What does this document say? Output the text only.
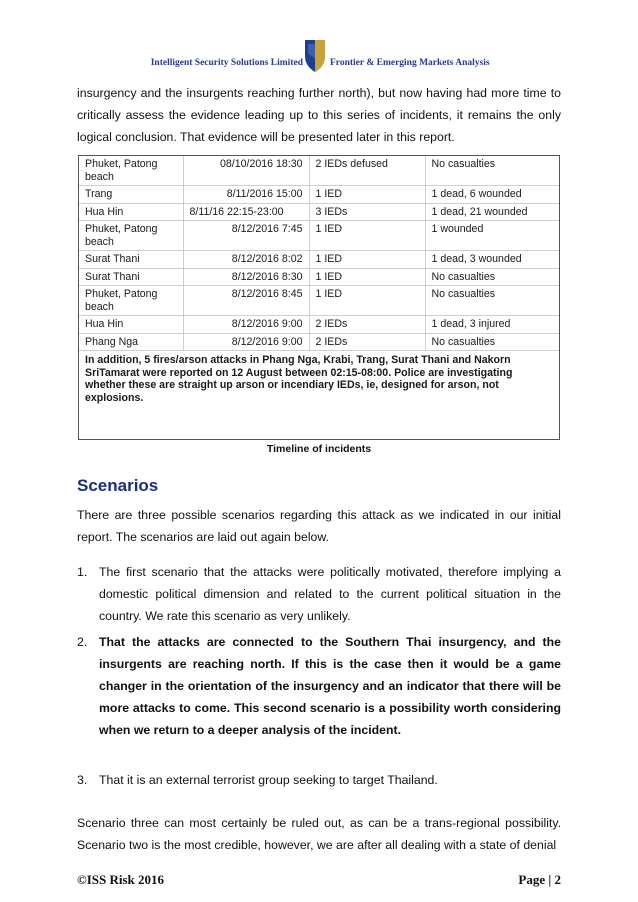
Intelligent Security Solutions Limited	Frontier & Emerging Markets Analysis
insurgency and the insurgents reaching further north), but now having had more time to critically assess the evidence leading up to this series of incidents, it remains the only logical conclusion. That evidence will be presented later in this report.
Phuket, Patong beach	08/10/2016 18:30	2 IEDs defused	No casualties
Trang	8/11/2016 15:00	1 IED	1 dead, 6 wounded
Hua Hin	8/11/16 22:15-23:00	3 IEDs	1 dead, 21 wounded
Phuket, Patong beach	8/12/2016 7:45	1 IED	1 wounded
Surat Thani	8/12/2016 8:02	1 IED	1 dead, 3 wounded
Surat Thani	8/12/2016 8:30	1 IED	No casualties
Phuket, Patong beach	8/12/2016 8:45	1 IED	No casualties
Hua Hin	8/12/2016 9:00	2 IEDs	1 dead, 3 injured
Phang Nga	8/12/2016 9:00	2 IEDs	No casualties
In addition, 5 fires/arson attacks in Phang Nga, Krabi, Trang, Surat Thani and Nakorn SriTamarat were reported on 12 August between 02:15-08:00. Police are investigating whether these are straight up arson or incendiary IEDs, ie, designed for arson, not explosions.
Timeline of incidents
Scenarios
There are three possible scenarios regarding this attack as we indicated in our initial report. The scenarios are laid out again below.
1. The first scenario that the attacks were politically motivated, therefore implying a domestic political dimension and related to the current political situation in the country. We rate this scenario as very unlikely.
2. That the attacks are connected to the Southern Thai insurgency, and the insurgents are reaching north. If this is the case then it would be a game changer in the orientation of the insurgency and an indicator that there will be more attacks to come. This second scenario is a possibility worth considering when we return to a deeper analysis of the incident.
3. That it is an external terrorist group seeking to target Thailand.
Scenario three can most certainly be ruled out, as can be a trans-regional possibility. Scenario two is the most credible, however, we are after all dealing with a state of denial
©ISS Risk 2016	Page | 2
